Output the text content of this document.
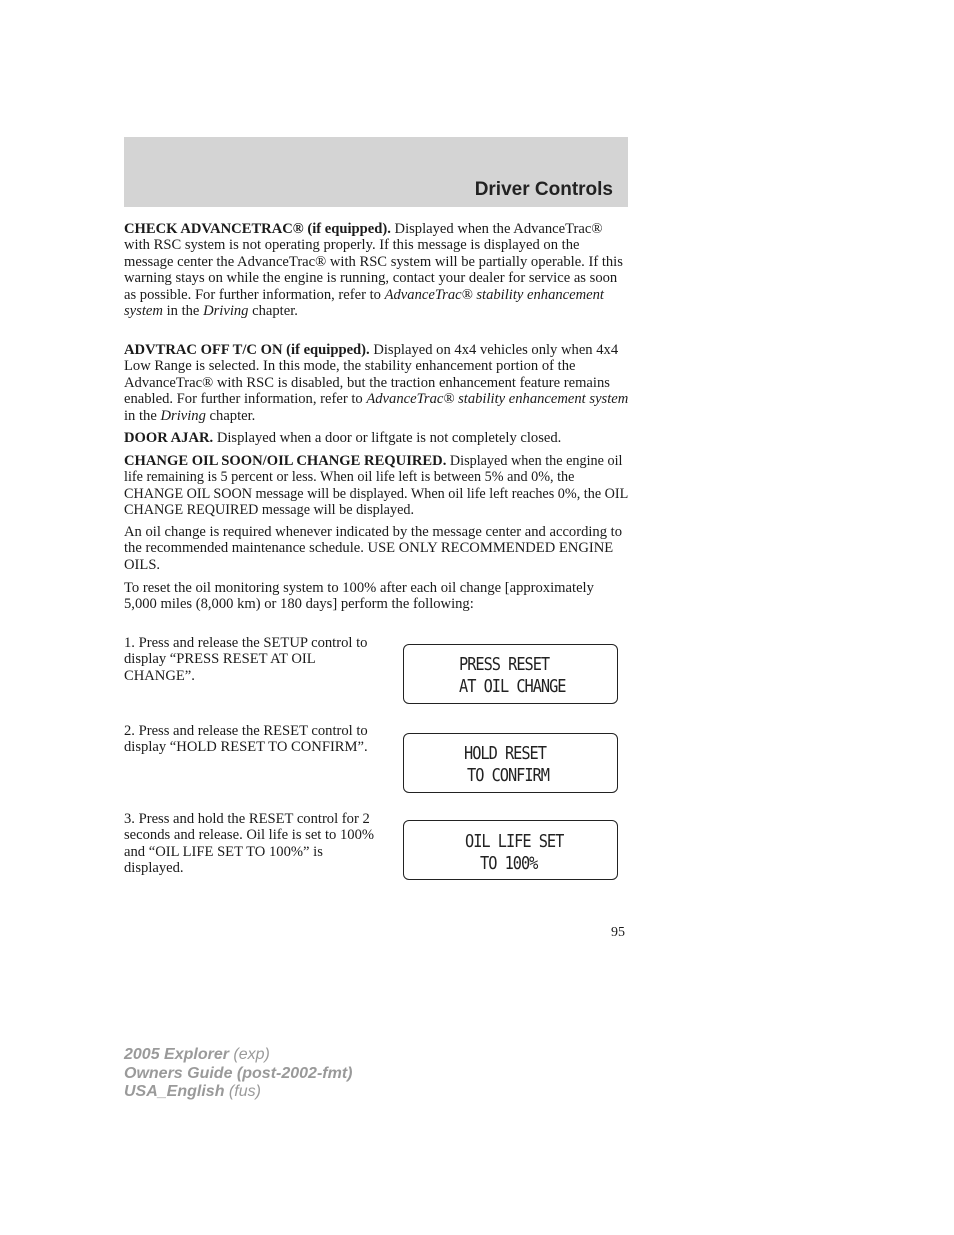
Driver Controls

CHECK ADVANCETRAC® (if equipped). Displayed when the AdvanceTrac® with RSC system is not operating properly. If this message is displayed on the message center the AdvanceTrac® with RSC system will be partially operable. If this warning stays on while the engine is running, contact your dealer for service as soon as possible. For further information, refer to AdvanceTrac® stability enhancement system in the Driving chapter.

ADVTRAC OFF T/C ON (if equipped). Displayed on 4x4 vehicles only when 4x4 Low Range is selected. In this mode, the stability enhancement portion of the AdvanceTrac® with RSC is disabled, but the traction enhancement feature remains enabled. For further information, refer to AdvanceTrac® stability enhancement system in the Driving chapter.

DOOR AJAR. Displayed when a door or liftgate is not completely closed.

CHANGE OIL SOON/OIL CHANGE REQUIRED. Displayed when the engine oil life remaining is 5 percent or less. When oil life left is between 5% and 0%, the CHANGE OIL SOON message will be displayed. When oil life left reaches 0%, the OIL CHANGE REQUIRED message will be displayed.

An oil change is required whenever indicated by the message center and according to the recommended maintenance schedule. USE ONLY RECOMMENDED ENGINE OILS.

To reset the oil monitoring system to 100% after each oil change [approximately 5,000 miles (8,000 km) or 180 days] perform the following:

1. Press and release the SETUP control to display “PRESS RESET AT OIL CHANGE”.

PRESS RESET
AT OIL CHANGE

2. Press and release the RESET control to display “HOLD RESET TO CONFIRM”.	HOLD RESET
TO CONFIRM

3. Press and hold the RESET control for 2 seconds and release. Oil life is set to 100% and “OIL LIFE SET TO 100%” is displayed.

OIL LIFE SET
TO 100%
95
2005 Explorer (exp)
Owners Guide (post-2002-fmt)
USA_English (fus)
